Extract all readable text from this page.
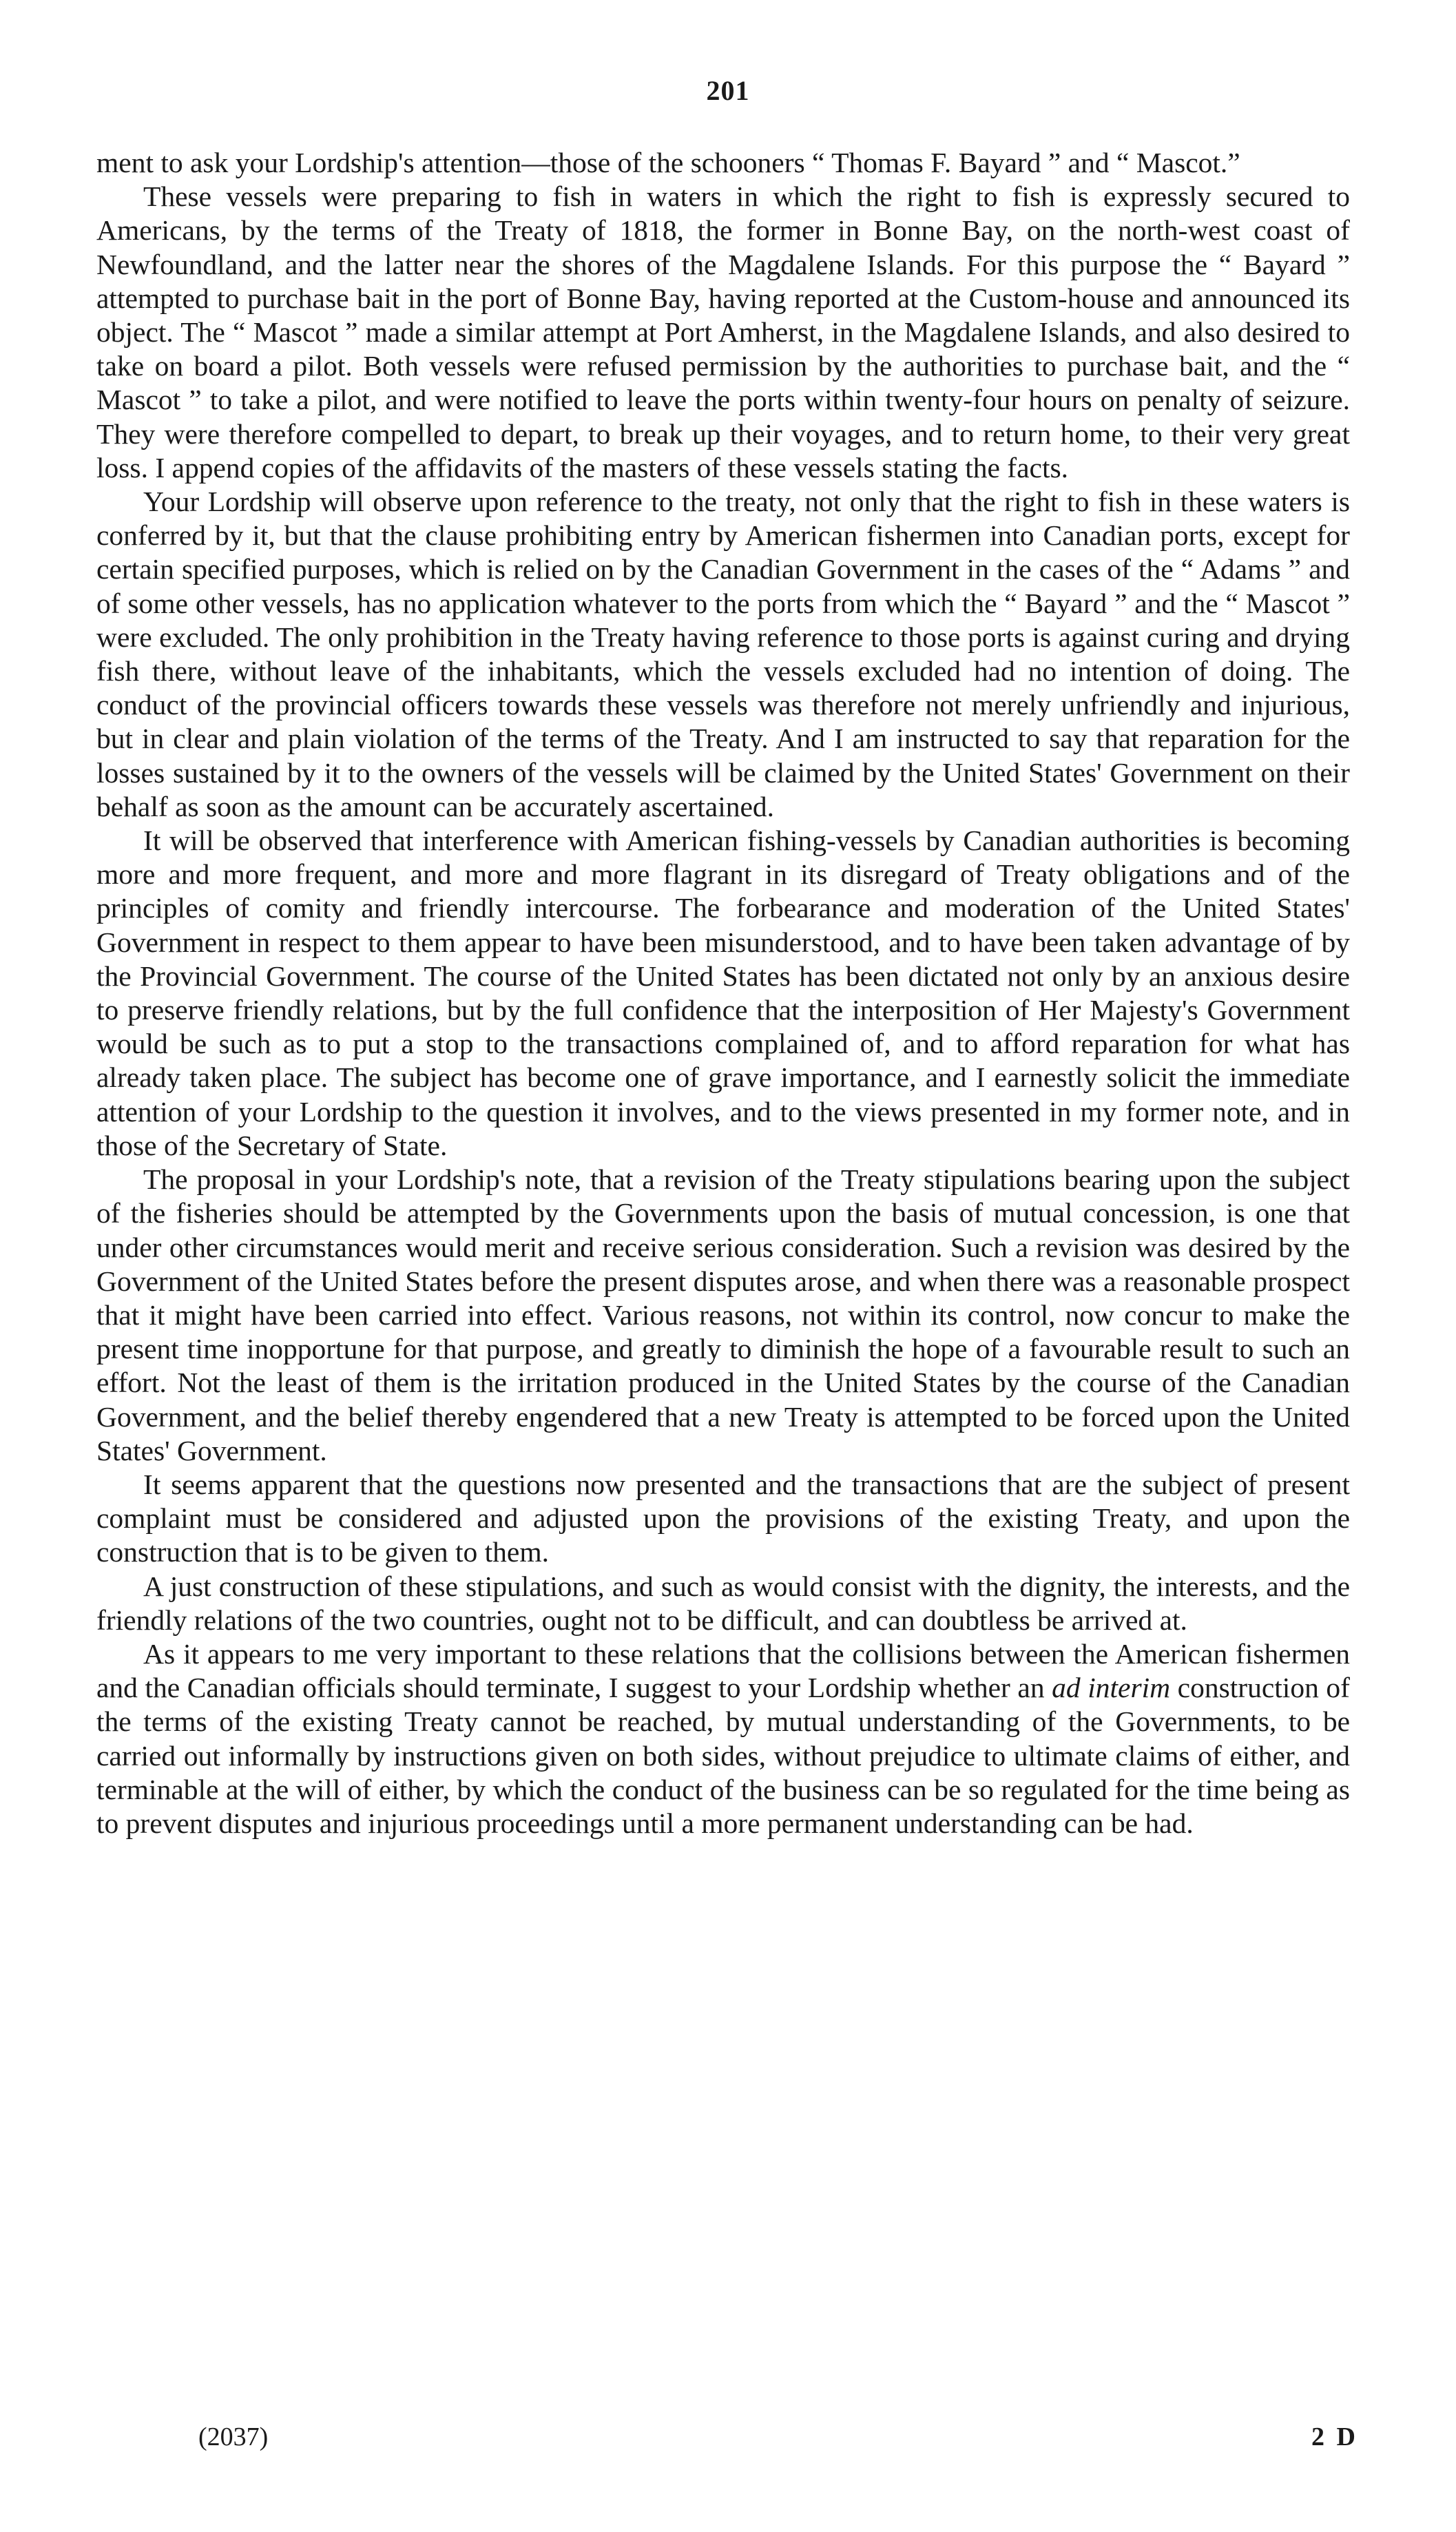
201

ment to ask your Lordship's attention—those of the schooners “ Thomas F. Bayard ” and “ Mascot.”

These vessels were preparing to fish in waters in which the right to fish is expressly secured to Americans, by the terms of the Treaty of 1818, the former in Bonne Bay, on the north-west coast of Newfoundland, and the latter near the shores of the Magdalene Islands. For this purpose the “ Bayard ” attempted to purchase bait in the port of Bonne Bay, having reported at the Custom-house and announced its object. The “ Mascot ” made a similar attempt at Port Amherst, in the Magdalene Islands, and also desired to take on board a pilot. Both vessels were refused permission by the authorities to purchase bait, and the “ Mascot ” to take a pilot, and were notified to leave the ports within twenty-four hours on penalty of seizure. They were therefore compelled to depart, to break up their voyages, and to return home, to their very great loss. I append copies of the affidavits of the masters of these vessels stating the facts.

Your Lordship will observe upon reference to the treaty, not only that the right to fish in these waters is conferred by it, but that the clause prohibiting entry by American fishermen into Canadian ports, except for certain specified purposes, which is relied on by the Canadian Government in the cases of the “ Adams ” and of some other vessels, has no application whatever to the ports from which the “ Bayard ” and the “ Mascot ” were excluded. The only prohibition in the Treaty having reference to those ports is against curing and drying fish there, without leave of the inhabitants, which the vessels excluded had no intention of doing. The conduct of the provincial officers towards these vessels was therefore not merely unfriendly and injurious, but in clear and plain violation of the terms of the Treaty. And I am instructed to say that reparation for the losses sustained by it to the owners of the vessels will be claimed by the United States' Government on their behalf as soon as the amount can be accurately ascertained.

It will be observed that interference with American fishing-vessels by Canadian authorities is becoming more and more frequent, and more and more flagrant in its disregard of Treaty obligations and of the principles of comity and friendly intercourse. The forbearance and moderation of the United States' Government in respect to them appear to have been misunderstood, and to have been taken advantage of by the Provincial Government. The course of the United States has been dictated not only by an anxious desire to preserve friendly relations, but by the full confidence that the interposition of Her Majesty's Government would be such as to put a stop to the transactions complained of, and to afford reparation for what has already taken place. The subject has become one of grave importance, and I earnestly solicit the immediate attention of your Lordship to the question it involves, and to the views presented in my former note, and in those of the Secretary of State.

The proposal in your Lordship's note, that a revision of the Treaty stipulations bearing upon the subject of the fisheries should be attempted by the Governments upon the basis of mutual concession, is one that under other circumstances would merit and receive serious consideration. Such a revision was desired by the Government of the United States before the present disputes arose, and when there was a reasonable prospect that it might have been carried into effect. Various reasons, not within its control, now concur to make the present time inopportune for that purpose, and greatly to diminish the hope of a favourable result to such an effort. Not the least of them is the irritation produced in the United States by the course of the Canadian Government, and the belief thereby engendered that a new Treaty is attempted to be forced upon the United States' Government.

It seems apparent that the questions now presented and the transactions that are the subject of present complaint must be considered and adjusted upon the provisions of the existing Treaty, and upon the construction that is to be given to them.

A just construction of these stipulations, and such as would consist with the dignity, the interests, and the friendly relations of the two countries, ought not to be difficult, and can doubtless be arrived at.

As it appears to me very important to these relations that the collisions between the American fishermen and the Canadian officials should terminate, I suggest to your Lordship whether an ad interim construction of the terms of the existing Treaty cannot be reached, by mutual understanding of the Governments, to be carried out informally by instructions given on both sides, without prejudice to ultimate claims of either, and terminable at the will of either, by which the conduct of the business can be so regulated for the time being as to prevent disputes and injurious proceedings until a more permanent understanding can be had.

(2037)	2 D
